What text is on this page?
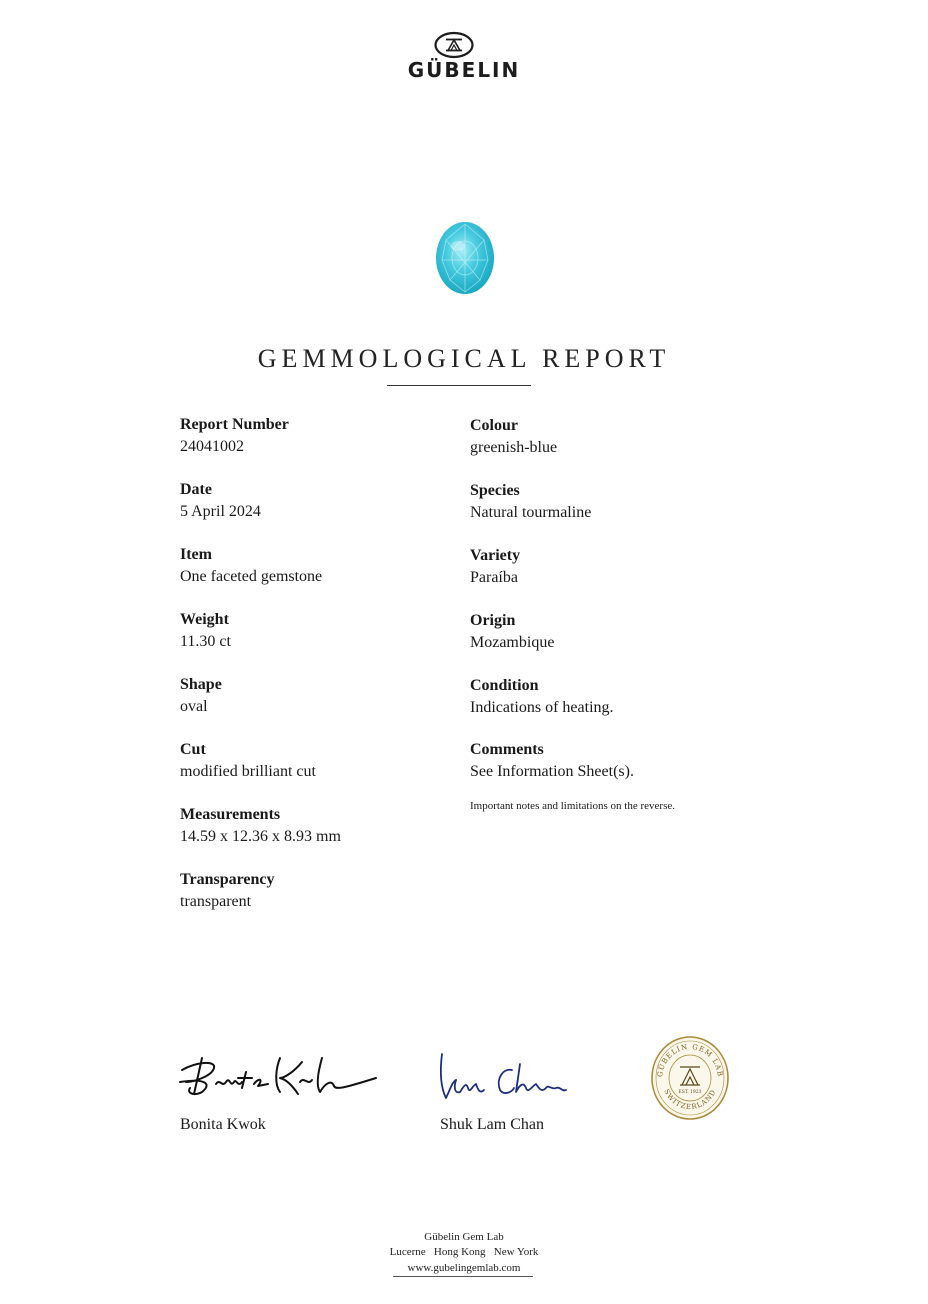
GÜBELIN
GEMMOLOGICAL REPORT
Report Number
24041002
Date
5 April 2024
Item
One faceted gemstone
Weight
11.30 ct
Shape
oval
Cut
modified brilliant cut
Measurements
14.59 x 12.36 x 8.93 mm
Transparency
transparent
Colour
greenish-blue
Species
Natural tourmaline
Variety
Paraíba
Origin
Mozambique
Condition
Indications of heating.
Comments
See Information Sheet(s).
Important notes and limitations on the reverse.
Bonita Kwok	Shuk Lam Chan
GÜBELIN GEM LAB
SWITZERLAND
EST. 1923
Gübelin Gem Lab
Lucerne   Hong Kong   New York
www.gubelingemlab.com
